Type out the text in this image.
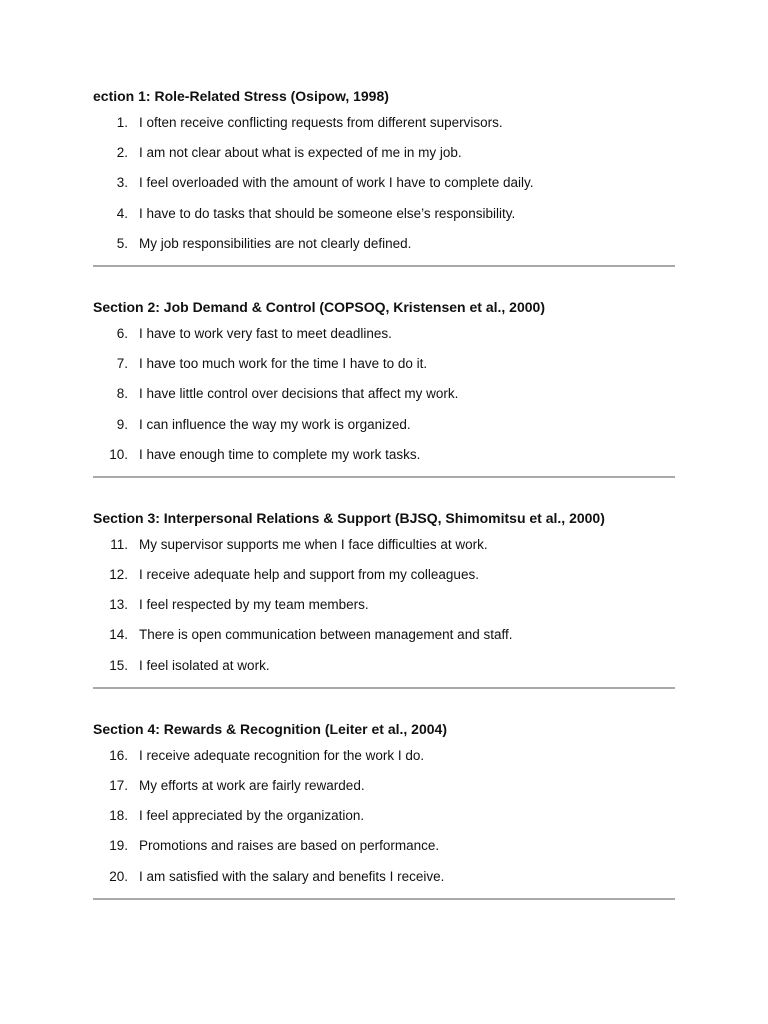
ection 1: Role-Related Stress (Osipow, 1998)
1. I often receive conflicting requests from different supervisors.
2. I am not clear about what is expected of me in my job.
3. I feel overloaded with the amount of work I have to complete daily.
4. I have to do tasks that should be someone else’s responsibility.
5. My job responsibilities are not clearly defined.
Section 2: Job Demand & Control (COPSOQ, Kristensen et al., 2000)
6. I have to work very fast to meet deadlines.
7. I have too much work for the time I have to do it.
8. I have little control over decisions that affect my work.
9. I can influence the way my work is organized.
10. I have enough time to complete my work tasks.
Section 3: Interpersonal Relations & Support (BJSQ, Shimomitsu et al., 2000)
11. My supervisor supports me when I face difficulties at work.
12. I receive adequate help and support from my colleagues.
13. I feel respected by my team members.
14. There is open communication between management and staff.
15. I feel isolated at work.
Section 4: Rewards & Recognition (Leiter et al., 2004)
16. I receive adequate recognition for the work I do.
17. My efforts at work are fairly rewarded.
18. I feel appreciated by the organization.
19. Promotions and raises are based on performance.
20. I am satisfied with the salary and benefits I receive.
